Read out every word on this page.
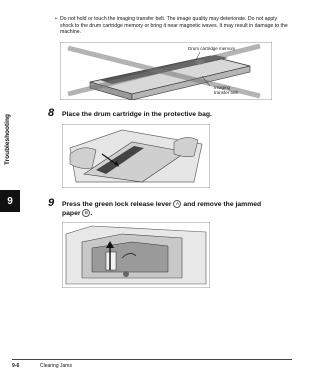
Troubleshooting
9
• Do not hold or touch the imaging transfer belt. The image quality may deteriorate. Do not apply shock to the drum cartridge memory or bring it near magnetic waves. It may result in damage to the machine.
Drum cartridge memory
Imaging
transfer belt
8 Place the drum cartridge in the protective bag.
9 Press the green lock release lever A and remove the jammed
paper B .
9-6	Clearing Jams
